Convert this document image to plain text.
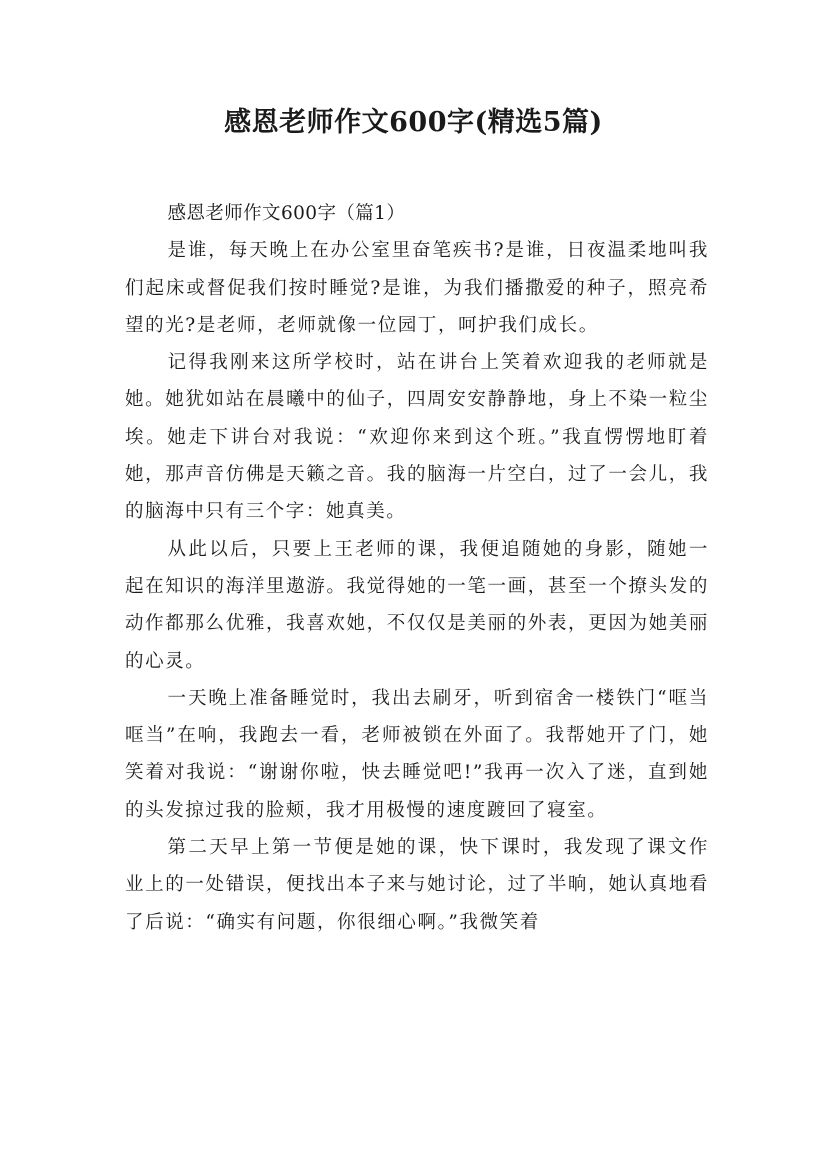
感恩老师作文600字(精选5篇)

感恩老师作文600字（篇1）

是谁，每天晚上在办公室里奋笔疾书?是谁，日夜温柔地叫我们起床或督促我们按时睡觉?是谁，为我们播撒爱的种子，照亮希望的光?是老师，老师就像一位园丁，呵护我们成长。

记得我刚来这所学校时，站在讲台上笑着欢迎我的老师就是她。她犹如站在晨曦中的仙子，四周安安静静地，身上不染一粒尘埃。她走下讲台对我说：“欢迎你来到这个班。”我直愣愣地盯着她，那声音仿佛是天籁之音。我的脑海一片空白，过了一会儿，我的脑海中只有三个字：她真美。

从此以后，只要上王老师的课，我便追随她的身影，随她一起在知识的海洋里遨游。我觉得她的一笔一画，甚至一个撩头发的动作都那么优雅，我喜欢她，不仅仅是美丽的外表，更因为她美丽的心灵。

一天晚上准备睡觉时，我出去刷牙，听到宿舍一楼铁门“哐当哐当”在响，我跑去一看，老师被锁在外面了。我帮她开了门，她笑着对我说：“谢谢你啦，快去睡觉吧!”我再一次入了迷，直到她的头发掠过我的脸颊，我才用极慢的速度踱回了寝室。

第二天早上第一节便是她的课，快下课时，我发现了课文作业上的一处错误，便找出本子来与她讨论，过了半晌，她认真地看了后说：“确实有问题，你很细心啊。”我微笑着
